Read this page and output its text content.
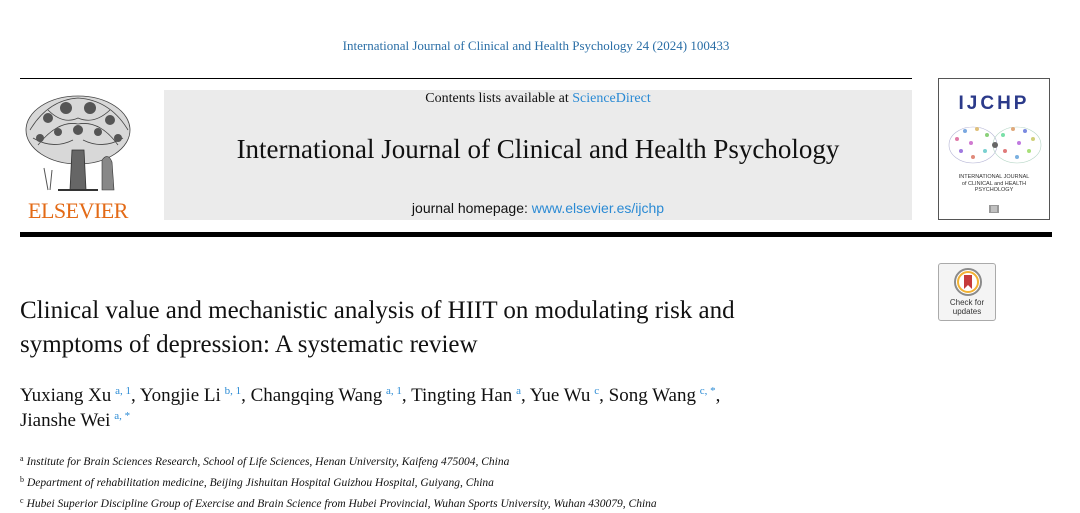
International Journal of Clinical and Health Psychology 24 (2024) 100433
ELSEVIER
Contents lists available at ScienceDirect
International Journal of Clinical and Health Psychology
journal homepage: www.elsevier.es/ijchp
IJCHP
INTERNATIONAL JOURNAL
of CLINICAL and HEALTH
PSYCHOLOGY
Check for
updates
Clinical value and mechanistic analysis of HIIT on modulating risk and
symptoms of depression: A systematic review
Yuxiang Xu  $^{a, 1}$, Yongjie Li  $^{b, 1}$, Changqing Wang  $^{a, 1}$, Tingting Han  $^a$, Yue Wu  $^c$, Song Wang  $^{c, *}$,
Jianshe Wei  $^{a, *}$
$^a$ Institute for Brain Sciences Research, School of Life Sciences, Henan University, Kaifeng 475004, China
$^b$ Department of rehabilitation medicine, Beijing Jishuitan Hospital Guizhou Hospital, Guiyang, China
$^c$ Hubei Superior Discipline Group of Exercise and Brain Science from Hubei Provincial, Wuhan Sports University, Wuhan 430079, China
